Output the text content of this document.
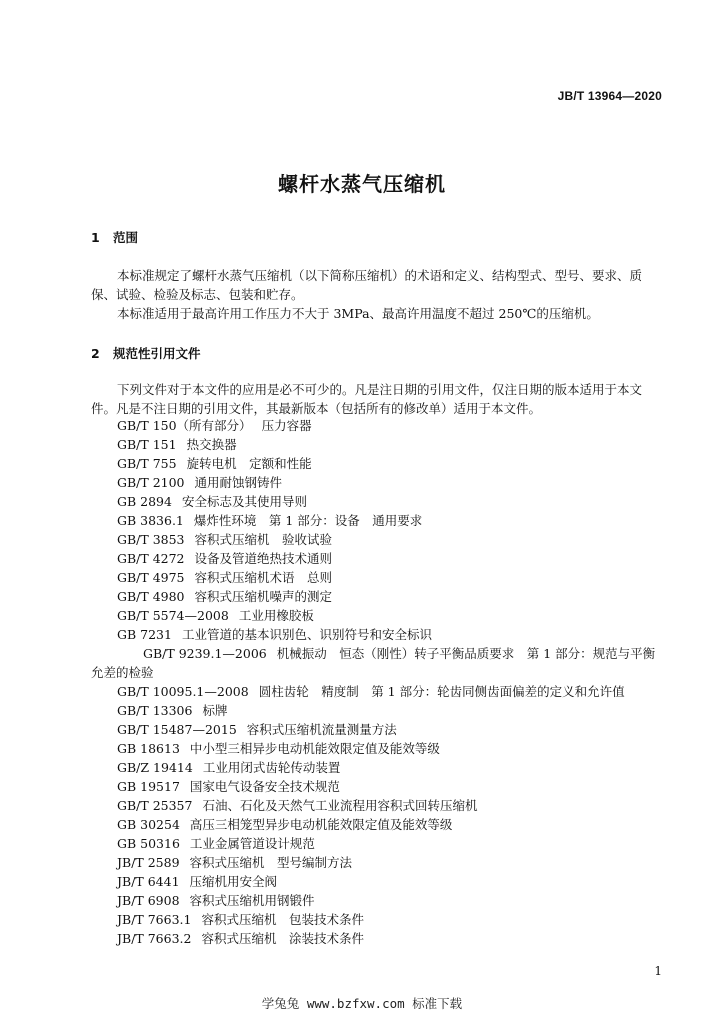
JB/T 13964—2020
螺杆水蒸气压缩机
1 范围
本标准规定了螺杆水蒸气压缩机（以下简称压缩机）的术语和定义、结构型式、型号、要求、质保、试验、检验及标志、包装和贮存。
本标准适用于最高许用工作压力不大于 3MPa、最高许用温度不超过 250℃的压缩机。
2 规范性引用文件
下列文件对于本文件的应用是必不可少的。凡是注日期的引用文件，仅注日期的版本适用于本文件。凡是不注日期的引用文件，其最新版本（包括所有的修改单）适用于本文件。
GB/T 150（所有部分） 压力容器
GB/T 151 热交换器
GB/T 755 旋转电机　定额和性能
GB/T 2100 通用耐蚀钢铸件
GB 2894 安全标志及其使用导则
GB 3836.1 爆炸性环境　第 1 部分：设备　通用要求
GB/T 3853 容积式压缩机　验收试验
GB/T 4272 设备及管道绝热技术通则
GB/T 4975 容积式压缩机术语　总则
GB/T 4980 容积式压缩机噪声的测定
GB/T 5574—2008 工业用橡胶板
GB 7231 工业管道的基本识别色、识别符号和安全标识
GB/T 9239.1—2006 机械振动　恒态（刚性）转子平衡品质要求　第 1 部分：规范与平衡允差的检验
GB/T 10095.1—2008 圆柱齿轮　精度制　第 1 部分：轮齿同侧齿面偏差的定义和允许值
GB/T 13306 标牌
GB/T 15487—2015 容积式压缩机流量测量方法
GB 18613 中小型三相异步电动机能效限定值及能效等级
GB/Z 19414 工业用闭式齿轮传动装置
GB 19517 国家电气设备安全技术规范
GB/T 25357 石油、石化及天然气工业流程用容积式回转压缩机
GB 30254 高压三相笼型异步电动机能效限定值及能效等级
GB 50316 工业金属管道设计规范
JB/T 2589 容积式压缩机　型号编制方法
JB/T 6441 压缩机用安全阀
JB/T 6908 容积式压缩机用钢锻件
JB/T 7663.1 容积式压缩机　包装技术条件
JB/T 7663.2 容积式压缩机　涂装技术条件
1
学兔兔 www.bzfxw.com 标准下载
